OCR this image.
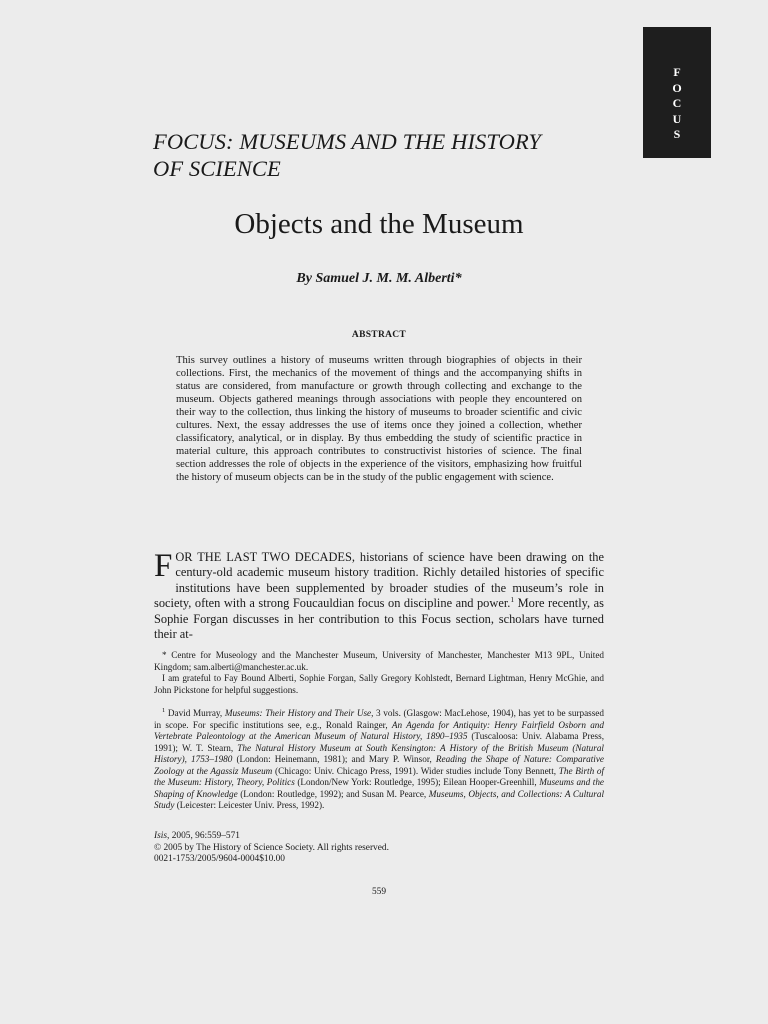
F
O
C
U
S
FOCUS: MUSEUMS AND THE HISTORY OF SCIENCE
Objects and the Museum
By Samuel J. M. M. Alberti*
ABSTRACT
This survey outlines a history of museums written through biographies of objects in their collections. First, the mechanics of the movement of things and the accompanying shifts in status are considered, from manufacture or growth through collecting and exchange to the museum. Objects gathered meanings through associations with people they encountered on their way to the collection, thus linking the history of museums to broader scientific and civic cultures. Next, the essay addresses the use of items once they joined a collection, whether classificatory, analytical, or in display. By thus embedding the study of scientific practice in material culture, this approach contributes to constructivist histories of science. The final section addresses the role of objects in the experience of the visitors, emphasizing how fruitful the history of museum objects can be in the study of the public engagement with science.
FOR THE LAST TWO DECADES, historians of science have been drawing on the century-old academic museum history tradition. Richly detailed histories of specific institutions have been supplemented by broader studies of the museum’s role in society, often with a strong Foucauldian focus on discipline and power.$^1$ More recently, as Sophie Forgan discusses in her contribution to this Focus section, scholars have turned their at-

* Centre for Museology and the Manchester Museum, University of Manchester, Manchester M13 9PL, United Kingdom; sam.alberti@manchester.ac.uk.

I am grateful to Fay Bound Alberti, Sophie Forgan, Sally Gregory Kohlstedt, Bernard Lightman, Henry McGhie, and John Pickstone for helpful suggestions.

$^1$ David Murray, Museums: Their History and Their Use, 3 vols. (Glasgow: MacLehose, 1904), has yet to be surpassed in scope. For specific institutions see, e.g., Ronald Rainger, An Agenda for Antiquity: Henry Fairfield Osborn and Vertebrate Paleontology at the American Museum of Natural History, 1890–1935 (Tuscaloosa: Univ. Alabama Press, 1991); W. T. Stearn, The Natural History Museum at South Kensington: A History of the British Museum (Natural History), 1753–1980 (London: Heinemann, 1981); and Mary P. Winsor, Reading the Shape of Nature: Comparative Zoology at the Agassiz Museum (Chicago: Univ. Chicago Press, 1991). Wider studies include Tony Bennett, The Birth of the Museum: History, Theory, Politics (London/New York: Routledge, 1995); Eilean Hooper-Greenhill, Museums and the Shaping of Knowledge (London: Routledge, 1992); and Susan M. Pearce, Museums, Objects, and Collections: A Cultural Study (Leicester: Leicester Univ. Press, 1992).

Isis, 2005, 96:559–571
© 2005 by The History of Science Society. All rights reserved.
0021-1753/2005/9604-0004$10.00
559
